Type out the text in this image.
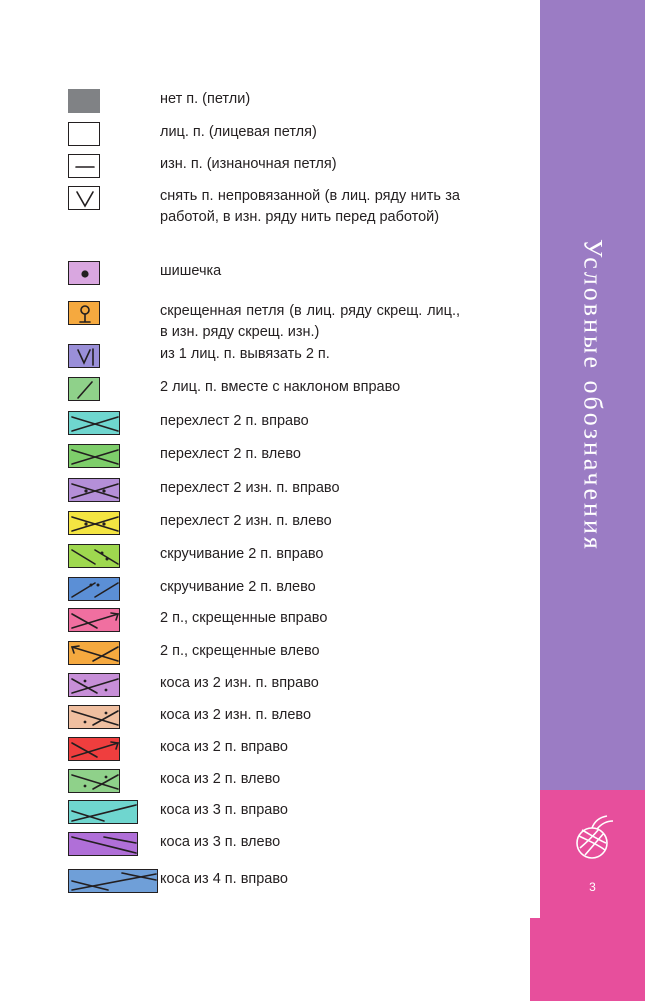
нет п. (петли)
лиц. п. (лицевая петля)
изн. п. (изнаночная петля)
снять п. непровязанной (в лиц. ряду нить за работой, в изн. ряду нить перед работой)
шишечка
скрещенная петля (в лиц. ряду скрещ. лиц., в изн. ряду скрещ. изн.)
из 1 лиц. п. вывязать 2 п.
2 лиц. п. вместе с наклоном вправо
перехлест 2 п. вправо
перехлест 2 п. влево
перехлест 2 изн. п. вправо
перехлест 2 изн. п. влево
скручивание 2 п. вправо
скручивание 2 п. влево
2 п., скрещенные вправо
2 п., скрещенные влево
коса из 2 изн. п. вправо
коса из 2 изн. п. влево
коса из 2 п. вправо
коса из 2 п. влево
коса из 3 п. вправо
коса из 3 п. влево
коса из 4 п. вправо
Условные обозначения
3
